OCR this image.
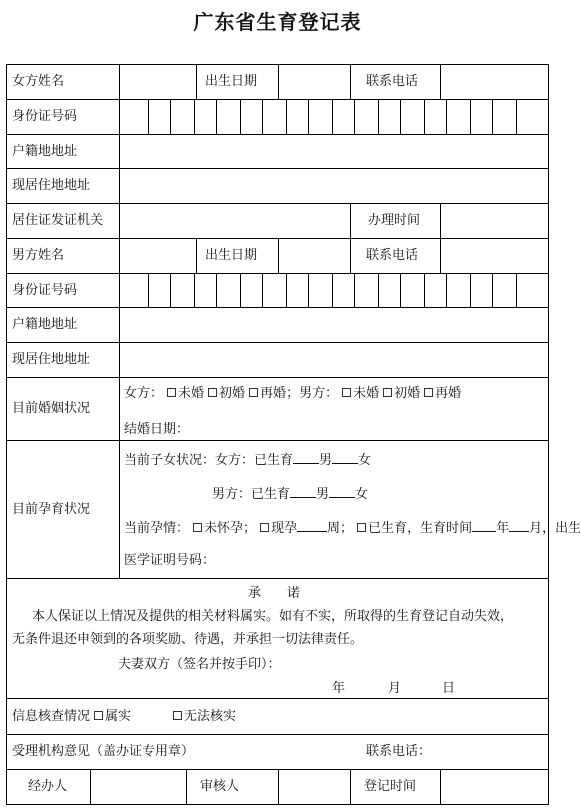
广东省生育登记表
女方姓名	出生日期	联系电话
身份证号码
户籍地地址
现居住地地址
居住证发证机关	办理时间
男方姓名	出生日期	联系电话
身份证号码
户籍地地址
现居住地地址
目前婚姻状况
女方： 未婚 初婚 再婚；男方： 未婚 初婚 再婚
结婚日期：
目前孕育状况
当前子女状况：女方：已生育 男 女
男方：已生育 男 女
当前孕情： 未怀孕； 现孕 周； 已生育，生育时间 年 月，出生
医学证明号码：
承　　诺
本人保证以上情况及提供的相关材料属实。如有不实，所取得的生育登记自动失效，
无条件退还申领到的各项奖励、待遇，并承担一切法律责任。
夫妻双方（签名并按手印）：
年	月	日
信息核查情况 属实	无法核实
受理机构意见（盖办证专用章）	联系电话：
经办人	审核人	登记时间
